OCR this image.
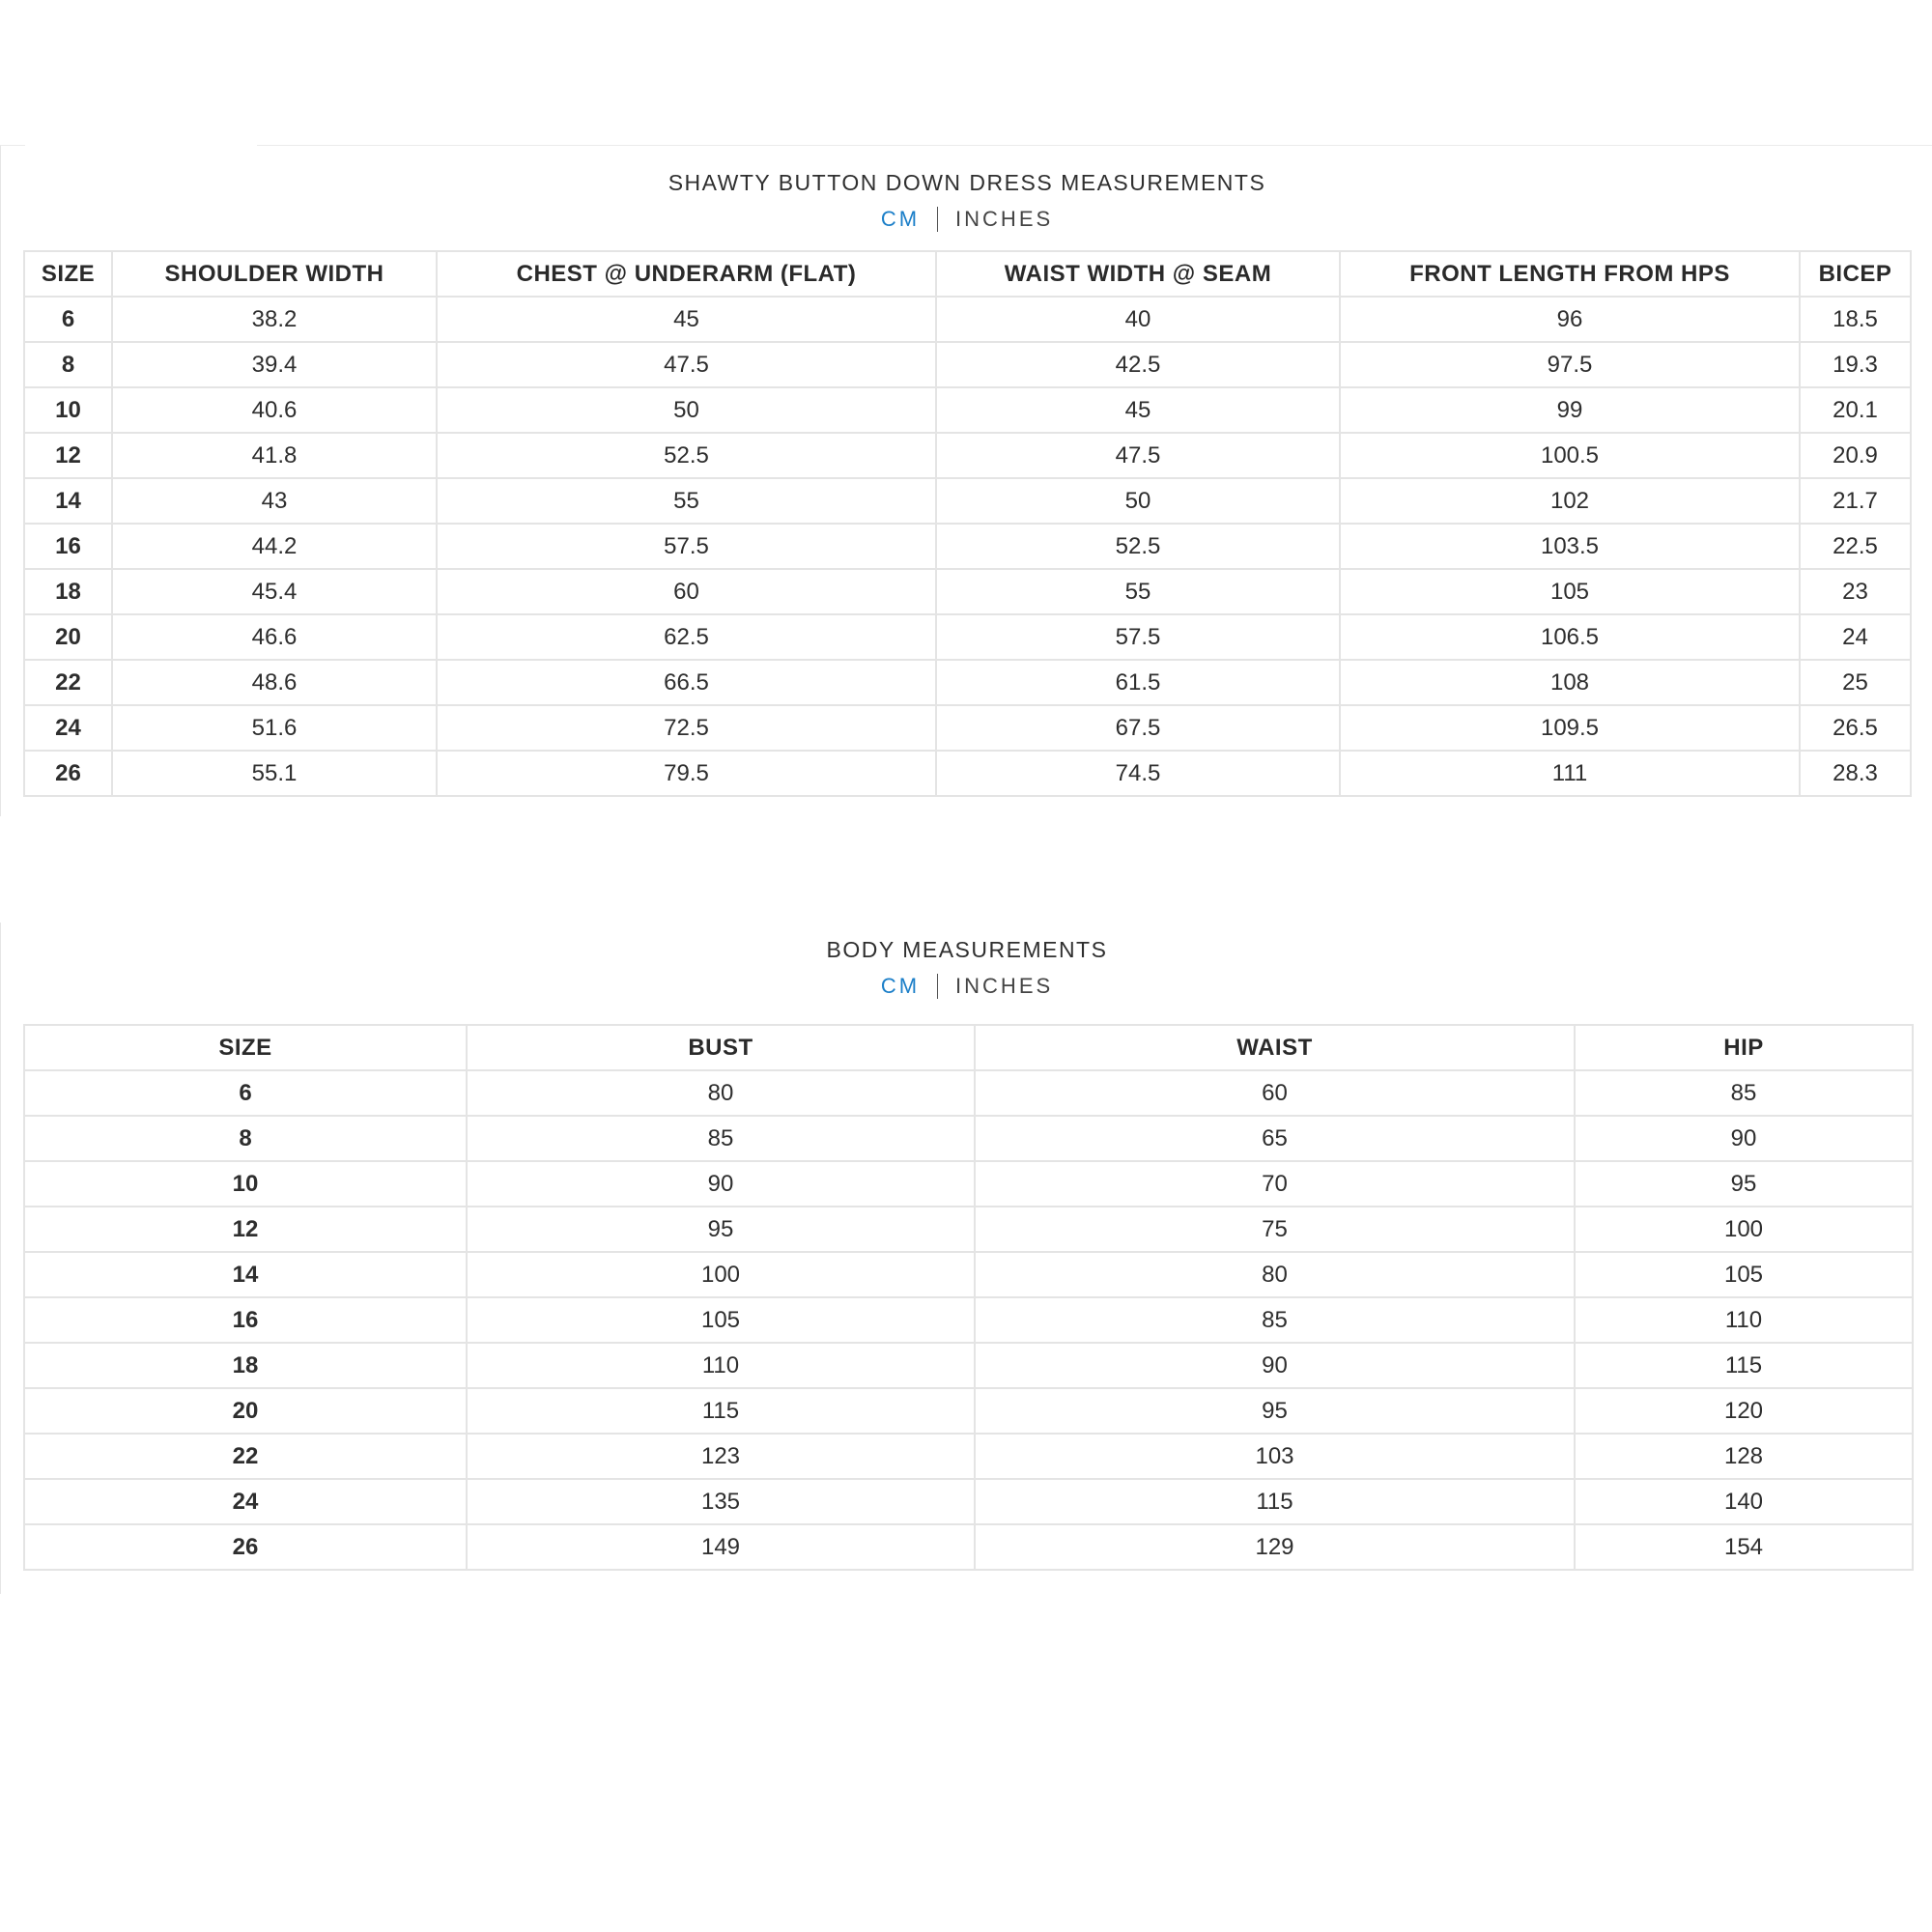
SHAWTY BUTTON DOWN DRESS MEASUREMENTS
CM INCHES
SIZE	SHOULDER WIDTH	CHEST @ UNDERARM (FLAT)	WAIST WIDTH @ SEAM	FRONT LENGTH FROM HPS	BICEP
6	38.2	45	40	96	18.5
8	39.4	47.5	42.5	97.5	19.3
10	40.6	50	45	99	20.1
12	41.8	52.5	47.5	100.5	20.9
14	43	55	50	102	21.7
16	44.2	57.5	52.5	103.5	22.5
18	45.4	60	55	105	23
20	46.6	62.5	57.5	106.5	24
22	48.6	66.5	61.5	108	25
24	51.6	72.5	67.5	109.5	26.5
26	55.1	79.5	74.5	111	28.3
BODY MEASUREMENTS
CM INCHES
SIZE	BUST	WAIST	HIP
6	80	60	85
8	85	65	90
10	90	70	95
12	95	75	100
14	100	80	105
16	105	85	110
18	110	90	115
20	115	95	120
22	123	103	128
24	135	115	140
26	149	129	154
